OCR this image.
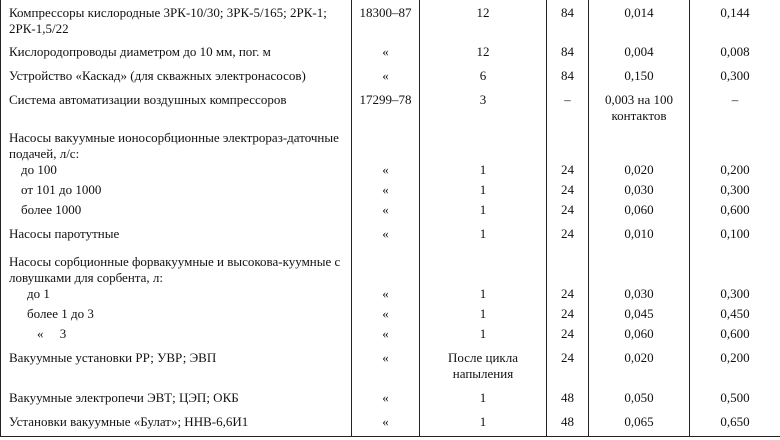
Компрессоры кислородные 3РК-10/30; 3РК-5/165; 2РК-1; 2РК-1,5/22	18300–87	12	84	0,014	0,144
Кислородопроводы диаметром до 10 мм, пог. м	«	12	84	0,004	0,008
Устройство «Каскад» (для скважных электронасосов)	«	6	84	0,150	0,300
Система автоматизации воздушных компрессоров	17299–78	3	–	0,003 на 100 контактов	–
Насосы вакуумные ионосорбционные электрораз-даточные подачей, л/с:					
до 100	«	1	24	0,020	0,200
от 101 до 1000	«	1	24	0,030	0,300
более 1000	«	1	24	0,060	0,600
Насосы паротутные	«	1	24	0,010	0,100
Насосы сорбционные форвакуумные и высокова-куумные с ловушками для сорбента, л:					
до 1	«	1	24	0,030	0,300
более 1 до 3	«	1	24	0,045	0,450
«     3	«	1	24	0,060	0,600
Вакуумные установки РР; УВР; ЭВП	«	После цикла напыления	24	0,020	0,200
Вакуумные электропечи ЭВТ; ЦЭП; ОКБ	«	1	48	0,050	0,500
Установки вакуумные «Булат»; ННВ-6,6И1	«	1	48	0,065	0,650
